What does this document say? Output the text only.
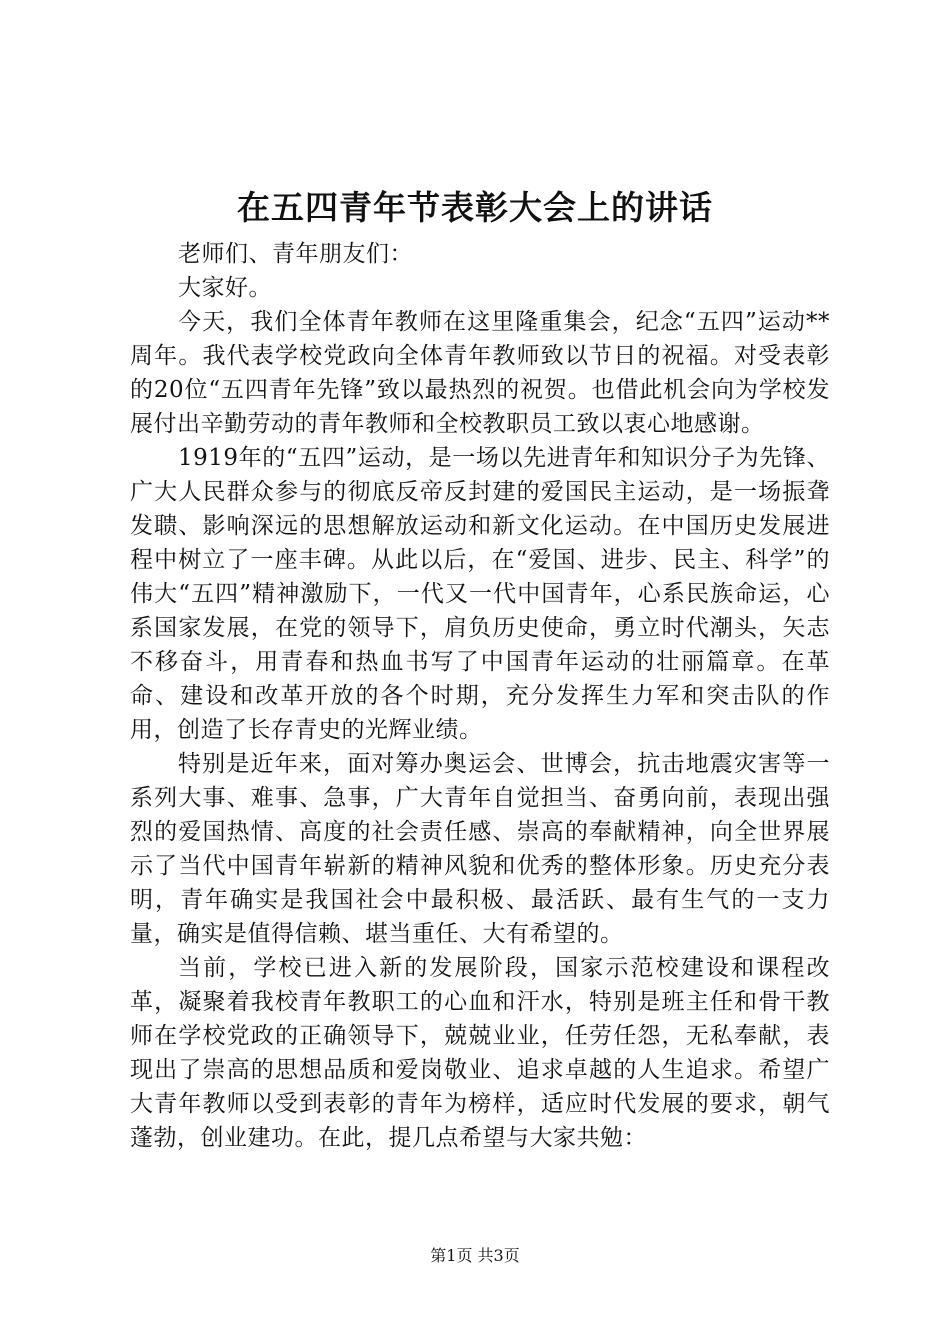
在五四青年节表彰大会上的讲话

老师们、青年朋友们：

大家好。

今天，我们全体青年教师在这里隆重集会，纪念“五四”运动**周年。我代表学校党政向全体青年教师致以节日的祝福。对受表彰的20位“五四青年先锋”致以最热烈的祝贺。也借此机会向为学校发展付出辛勤劳动的青年教师和全校教职员工致以衷心地感谢。

1919年的“五四”运动，是一场以先进青年和知识分子为先锋、广大人民群众参与的彻底反帝反封建的爱国民主运动，是一场振聋发聩、影响深远的思想解放运动和新文化运动。在中国历史发展进程中树立了一座丰碑。从此以后，在“爱国、进步、民主、科学”的伟大“五四”精神激励下，一代又一代中国青年，心系民族命运，心系国家发展，在党的领导下，肩负历史使命，勇立时代潮头，矢志不移奋斗，用青春和热血书写了中国青年运动的壮丽篇章。在革命、建设和改革开放的各个时期，充分发挥生力军和突击队的作用，创造了长存青史的光辉业绩。

特别是近年来，面对筹办奥运会、世博会，抗击地震灾害等一系列大事、难事、急事，广大青年自觉担当、奋勇向前，表现出强烈的爱国热情、高度的社会责任感、崇高的奉献精神，向全世界展示了当代中国青年崭新的精神风貌和优秀的整体形象。历史充分表明，青年确实是我国社会中最积极、最活跃、最有生气的一支力量，确实是值得信赖、堪当重任、大有希望的。

当前，学校已进入新的发展阶段，国家示范校建设和课程改革，凝聚着我校青年教职工的心血和汗水，特别是班主任和骨干教师在学校党政的正确领导下，兢兢业业，任劳任怨，无私奉献，表现出了崇高的思想品质和爱岗敬业、追求卓越的人生追求。希望广大青年教师以受到表彰的青年为榜样，适应时代发展的要求，朝气蓬勃，创业建功。在此，提几点希望与大家共勉：

第1页 共3页
